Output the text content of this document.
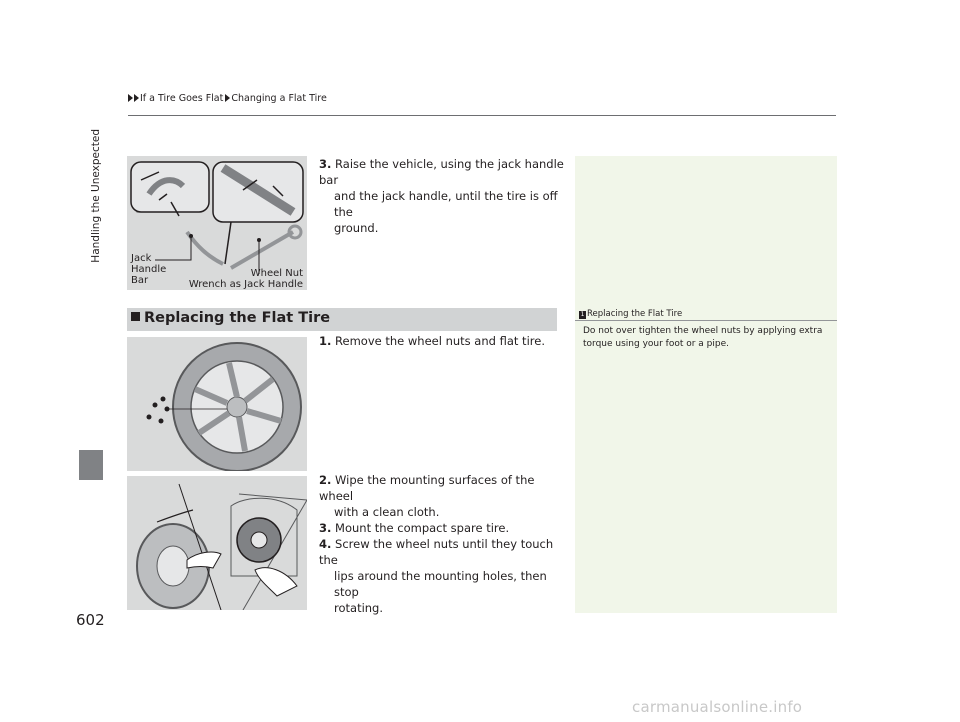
If a Tire Goes Flat Changing a Flat Tire
Handling the Unexpected
602
Jack
Handle
Bar
Wheel Nut
Wrench as Jack Handle
3. Raise the vehicle, using the jack handle bar
and the jack handle, until the tire is off the
ground.
Replacing the Flat Tire
1. Remove the wheel nuts and flat tire.
2. Wipe the mounting surfaces of the wheel
with a clean cloth.
3. Mount the compact spare tire.
4. Screw the wheel nuts until they touch the
lips around the mounting holes, then stop
rotating.
1 Replacing the Flat Tire
Do not over tighten the wheel nuts by applying extra
torque using your foot or a pipe.
carmanualsonline.info
